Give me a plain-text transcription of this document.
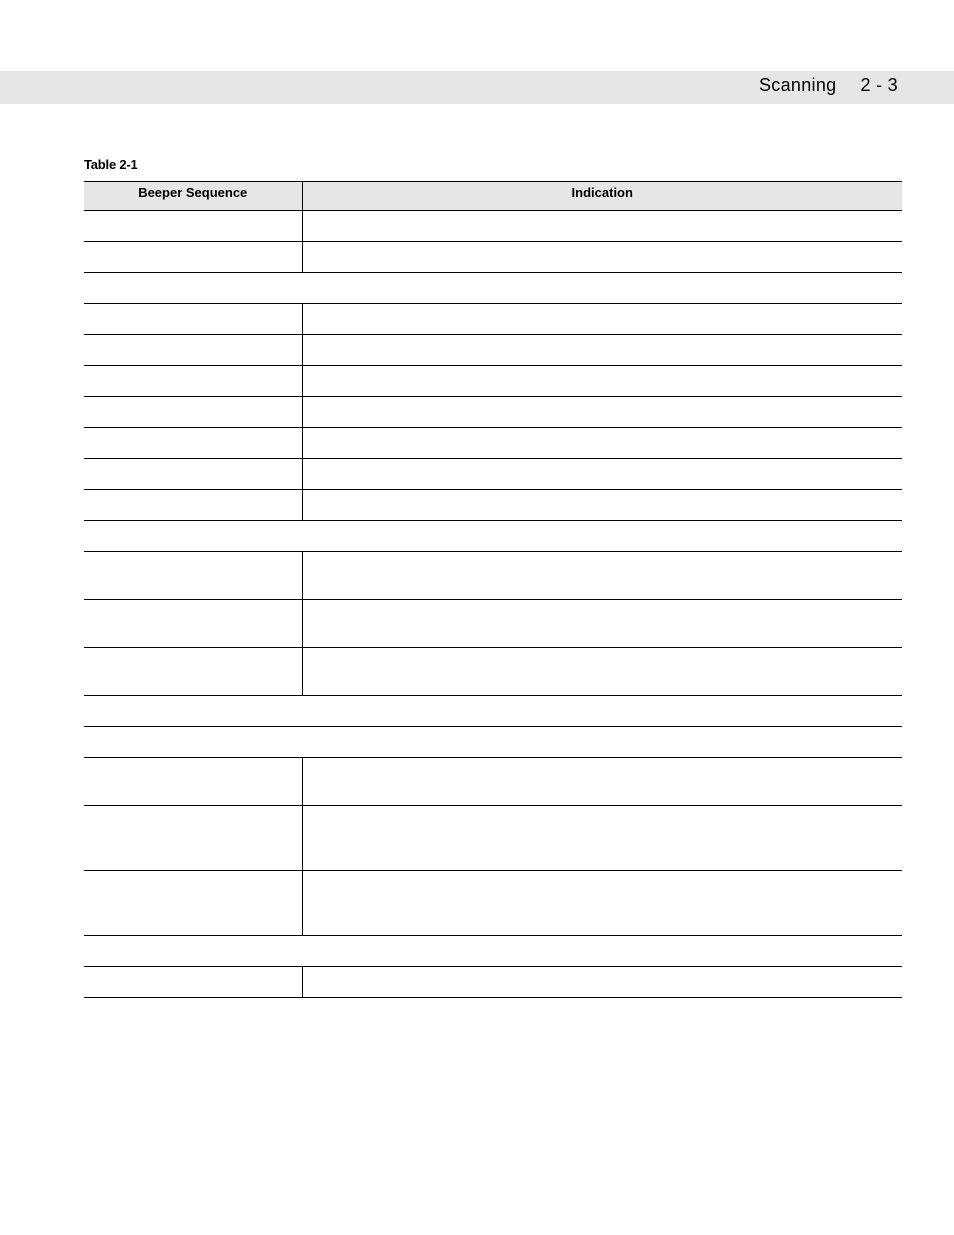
Scanning 2 - 3
Table 2-1
Beeper Sequence	Indication
